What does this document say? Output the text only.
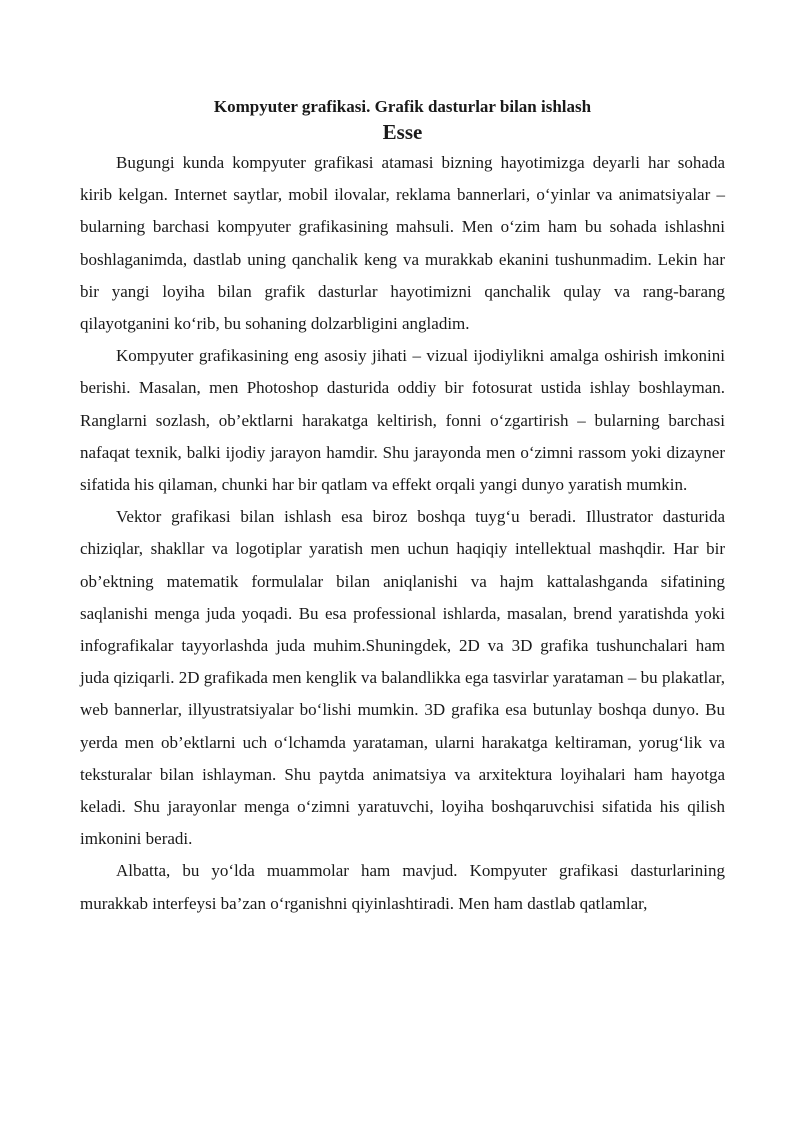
Kompyuter grafikasi. Grafik dasturlar bilan ishlash
Esse

Bugungi kunda kompyuter grafikasi atamasi bizning hayotimizga deyarli har sohada kirib kelgan. Internet saytlar, mobil ilovalar, reklama bannerlari, o‘yinlar va animatsiyalar – bularning barchasi kompyuter grafikasining mahsuli. Men o‘zim ham bu sohada ishlashni boshlaganimda, dastlab uning qanchalik keng va murakkab ekanini tushunmadim. Lekin har bir yangi loyiha bilan grafik dasturlar hayotimizni qanchalik qulay va rang-barang qilayotganini ko‘rib, bu sohaning dolzarbligini angladim.

Kompyuter grafikasining eng asosiy jihati – vizual ijodiylikni amalga oshirish imkonini berishi. Masalan, men Photoshop dasturida oddiy bir fotosurat ustida ishlay boshlayman. Ranglarni sozlash, ob’ektlarni harakatga keltirish, fonni o‘zgartirish – bularning barchasi nafaqat texnik, balki ijodiy jarayon hamdir. Shu jarayonda men o‘zimni rassom yoki dizayner sifatida his qilaman, chunki har bir qatlam va effekt orqali yangi dunyo yaratish mumkin.

Vektor grafikasi bilan ishlash esa biroz boshqa tuyg‘u beradi. Illustrator dasturida chiziqlar, shakllar va logotiplar yaratish men uchun haqiqiy intellektual mashqdir. Har bir ob’ektning matematik formulalar bilan aniqlanishi va hajm kattalashganda sifatining saqlanishi menga juda yoqadi. Bu esa professional ishlarda, masalan, brend yaratishda yoki infografikalar tayyorlashda juda muhim.Shuningdek, 2D va 3D grafika tushunchalari ham juda qiziqarli. 2D grafikada men kenglik va balandlikka ega tasvirlar yarataman – bu plakatlar, web bannerlar, illyustratsiyalar bo‘lishi mumkin. 3D grafika esa butunlay boshqa dunyo. Bu yerda men ob’ektlarni uch o‘lchamda yarataman, ularni harakatga keltiraman, yorug‘lik va teksturalar bilan ishlayman. Shu paytda animatsiya va arxitektura loyihalari ham hayotga keladi. Shu jarayonlar menga o‘zimni yaratuvchi, loyiha boshqaruvchisi sifatida his qilish imkonini beradi.

Albatta, bu yo‘lda muammolar ham mavjud. Kompyuter grafikasi dasturlarining murakkab interfeysi ba’zan o‘rganishni qiyinlashtiradi. Men ham dastlab qatlamlar,
